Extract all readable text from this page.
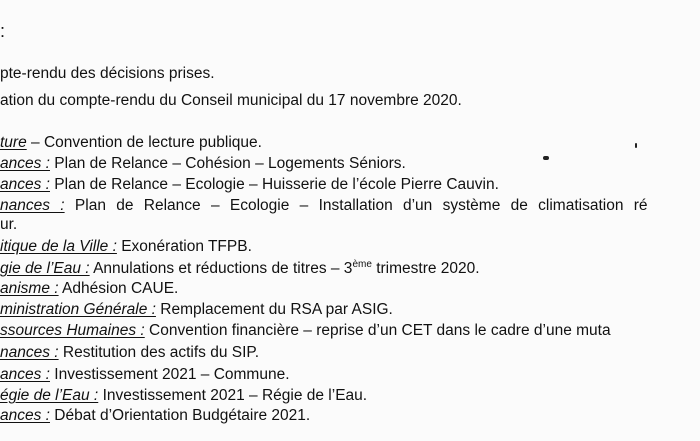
:
pte-rendu des décisions prises.
ation du compte-rendu du Conseil municipal du 17 novembre 2020.
ture – Convention de lecture publique.
ances : Plan de Relance – Cohésion – Logements Séniors.
ances : Plan de Relance – Ecologie – Huisserie de l’école Pierre Cauvin.
nances : Plan de Relance – Ecologie – Installation d’un système de climatisation ré
ur.
itique de la Ville : Exonération TFPB.
gie de l’Eau : Annulations et réductions de titres – 3ème trimestre 2020.
anisme : Adhésion CAUE.
ministration Générale : Remplacement du RSA par ASIG.
ssources Humaines : Convention financière – reprise d’un CET dans le cadre d’une muta
nances : Restitution des actifs du SIP.
ances : Investissement 2021 – Commune.
égie de l’Eau : Investissement 2021 – Régie de l’Eau.
ances : Débat d’Orientation Budgétaire 2021.
